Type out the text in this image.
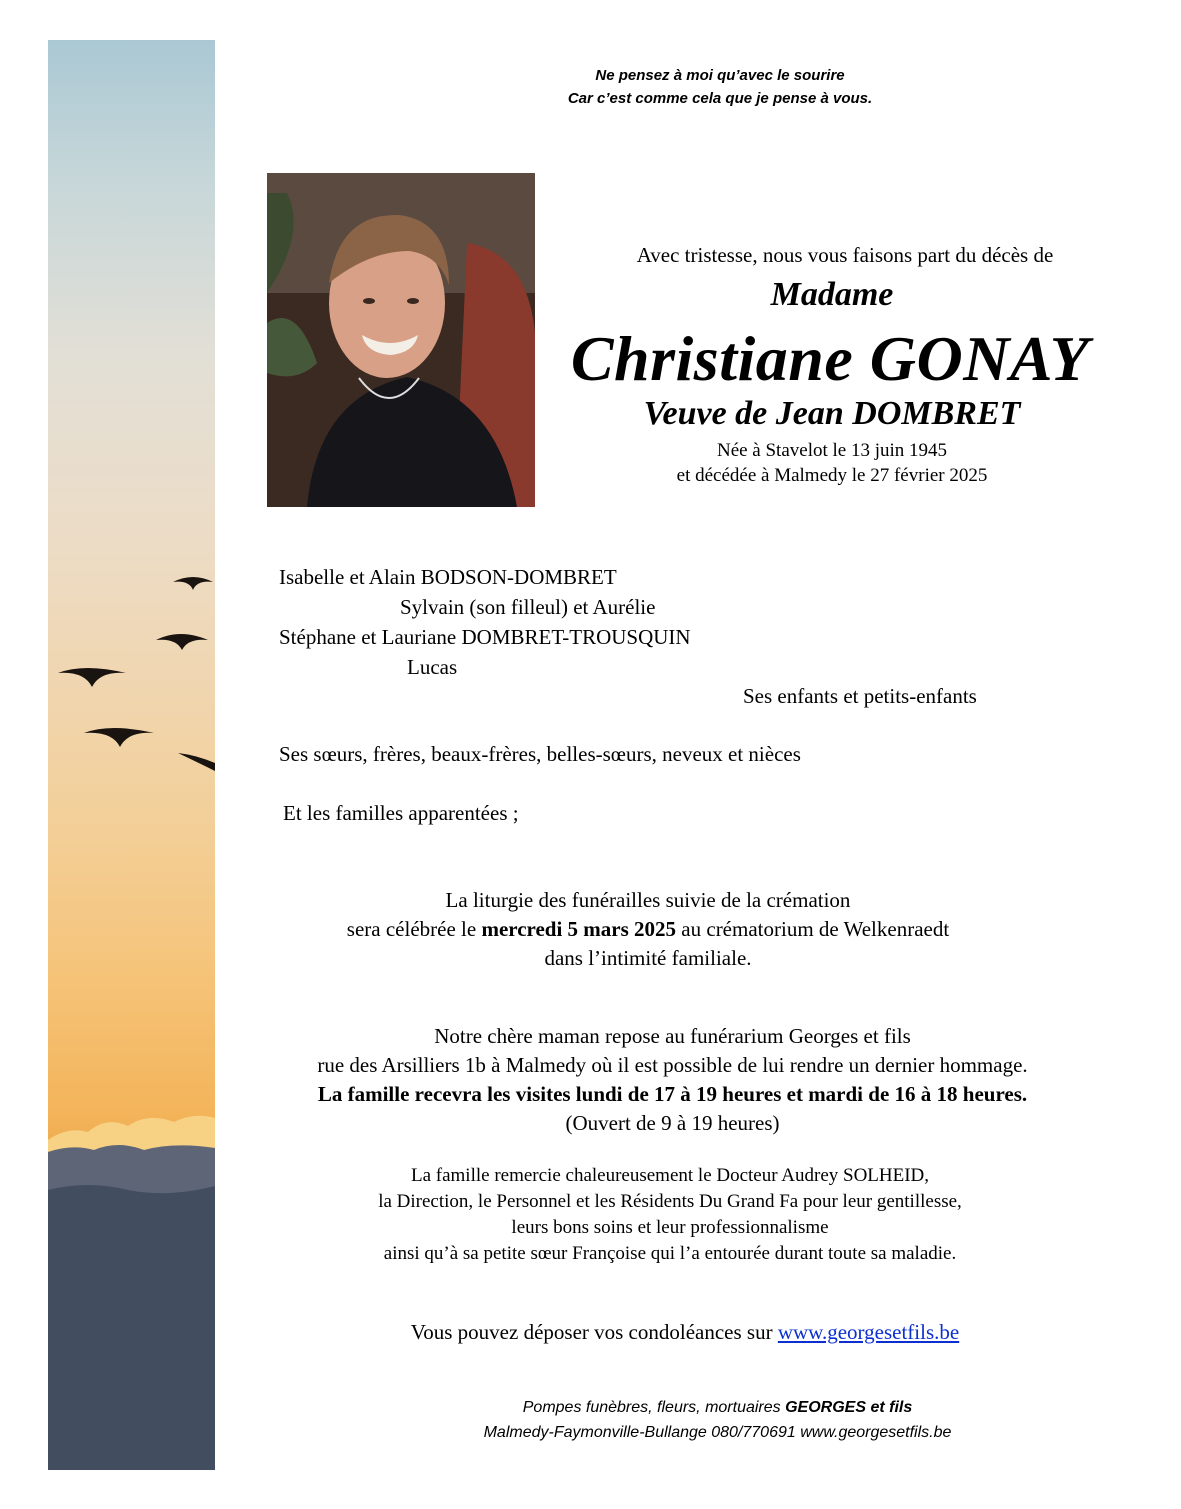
Ne pensez à moi qu’avec le sourire
Car c’est comme cela que je pense à vous.
Avec tristesse, nous vous faisons part du décès de
Madame
Christiane GONAY
Veuve de Jean DOMBRET
Née à Stavelot le 13 juin 1945
et décédée à Malmedy le 27 février 2025
Isabelle et Alain BODSON-DOMBRET
Sylvain (son filleul) et Aurélie
Stéphane et Lauriane DOMBRET-TROUSQUIN
Lucas
Ses enfants et petits-enfants
Ses sœurs, frères, beaux-frères, belles-sœurs, neveux et nièces
Et les familles apparentées ;
La liturgie des funérailles suivie de la crémation
sera célébrée le mercredi 5 mars 2025 au crématorium de Welkenraedt
dans l’intimité familiale.
Notre chère maman repose au funérarium Georges et fils
rue des Arsilliers 1b à Malmedy où il est possible de lui rendre un dernier hommage.
La famille recevra les visites lundi de 17 à 19 heures et mardi de 16 à 18 heures.
(Ouvert de 9 à 19 heures)
La famille remercie chaleureusement le Docteur Audrey SOLHEID,
la Direction, le Personnel et les Résidents Du Grand Fa pour leur gentillesse,
leurs bons soins et leur professionnalisme
ainsi qu’à sa petite sœur Françoise qui l’a entourée durant toute sa maladie.
Vous pouvez déposer vos condoléances sur www.georgesetfils.be
Pompes funèbres, fleurs, mortuaires GEORGES et fils
Malmedy-Faymonville-Bullange 080/770691 www.georgesetfils.be
